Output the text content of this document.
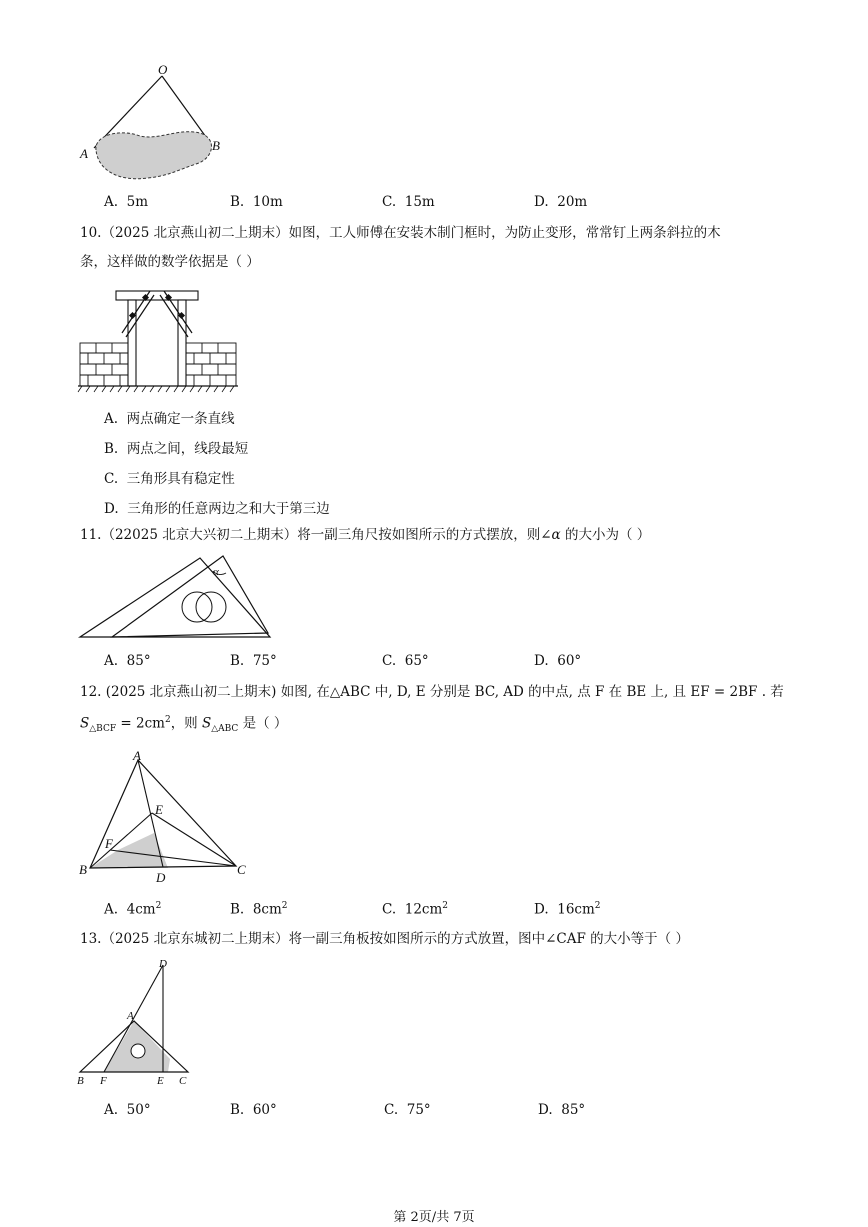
O
A
B
A. 5m	B. 10m	C. 15m	D. 20m
10.（2025 北京燕山初二上期末）如图，工人师傅在安装木制门框时，为防止变形，常常钉上两条斜拉的木
条，这样做的数学依据是（ ）
A. 两点确定一条直线
B. 两点之间，线段最短
C. 三角形具有稳定性
D. 三角形的任意两边之和大于第三边
11.（22025 北京大兴初二上期末）将一副三角尺按如图所示的方式摆放，则∠α 的大小为（ ）
α
A. 85°	B. 75°	C. 65°	D. 60°
12. (2025 北京燕山初二上期末) 如图, 在△ABC 中, D, E 分别是 BC, AD 的中点, 点 F 在 BE 上, 且 EF = 2BF . 若
$S_{\triangle BCF} = 2cm^2$，则 $S_{\triangle ABC}$ 是（ ）
A
E
F
B
D
C
A. $4cm^2$	B. $8cm^2$	C. $12cm^2$	D. $16cm^2$
13.（2025 北京东城初二上期末）将一副三角板按如图所示的方式放置，图中∠CAF 的大小等于（ ）
D
A
B F	E C
A. 50°	B. 60°	C. 75°	D. 85°
第 2页/共 7页
